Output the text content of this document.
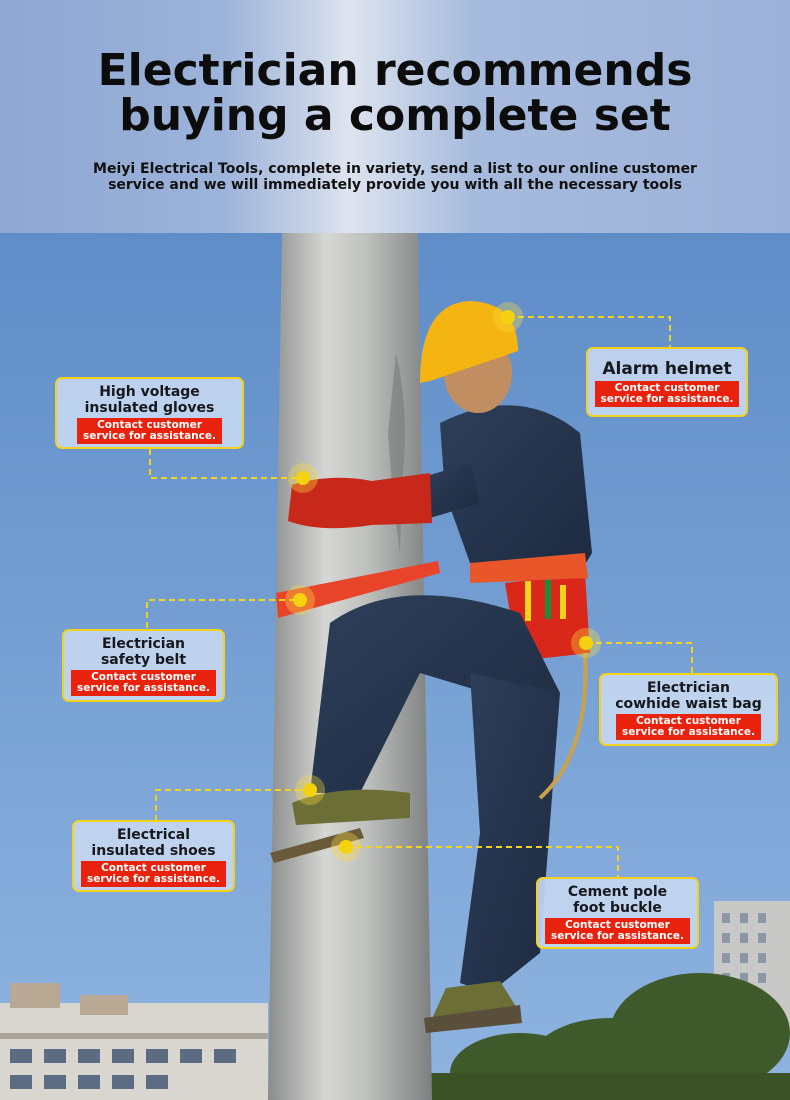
Electrician recommends
buying a complete set

Meiyi Electrical Tools, complete in variety, send a list to our online customer

service and we will immediately provide you with all the necessary tools

Alarm helmet
Contact customer
service for assistance.
High voltage
insulated gloves
Contact customer
service for assistance.
Electrician
safety belt
Contact customer
service for assistance.	Electrician
cowhide waist bag
Contact customer
service for assistance.
Electrical
insulated shoes
Contact customer
service for assistance.
Cement pole
foot buckle
Contact customer
service for assistance.
